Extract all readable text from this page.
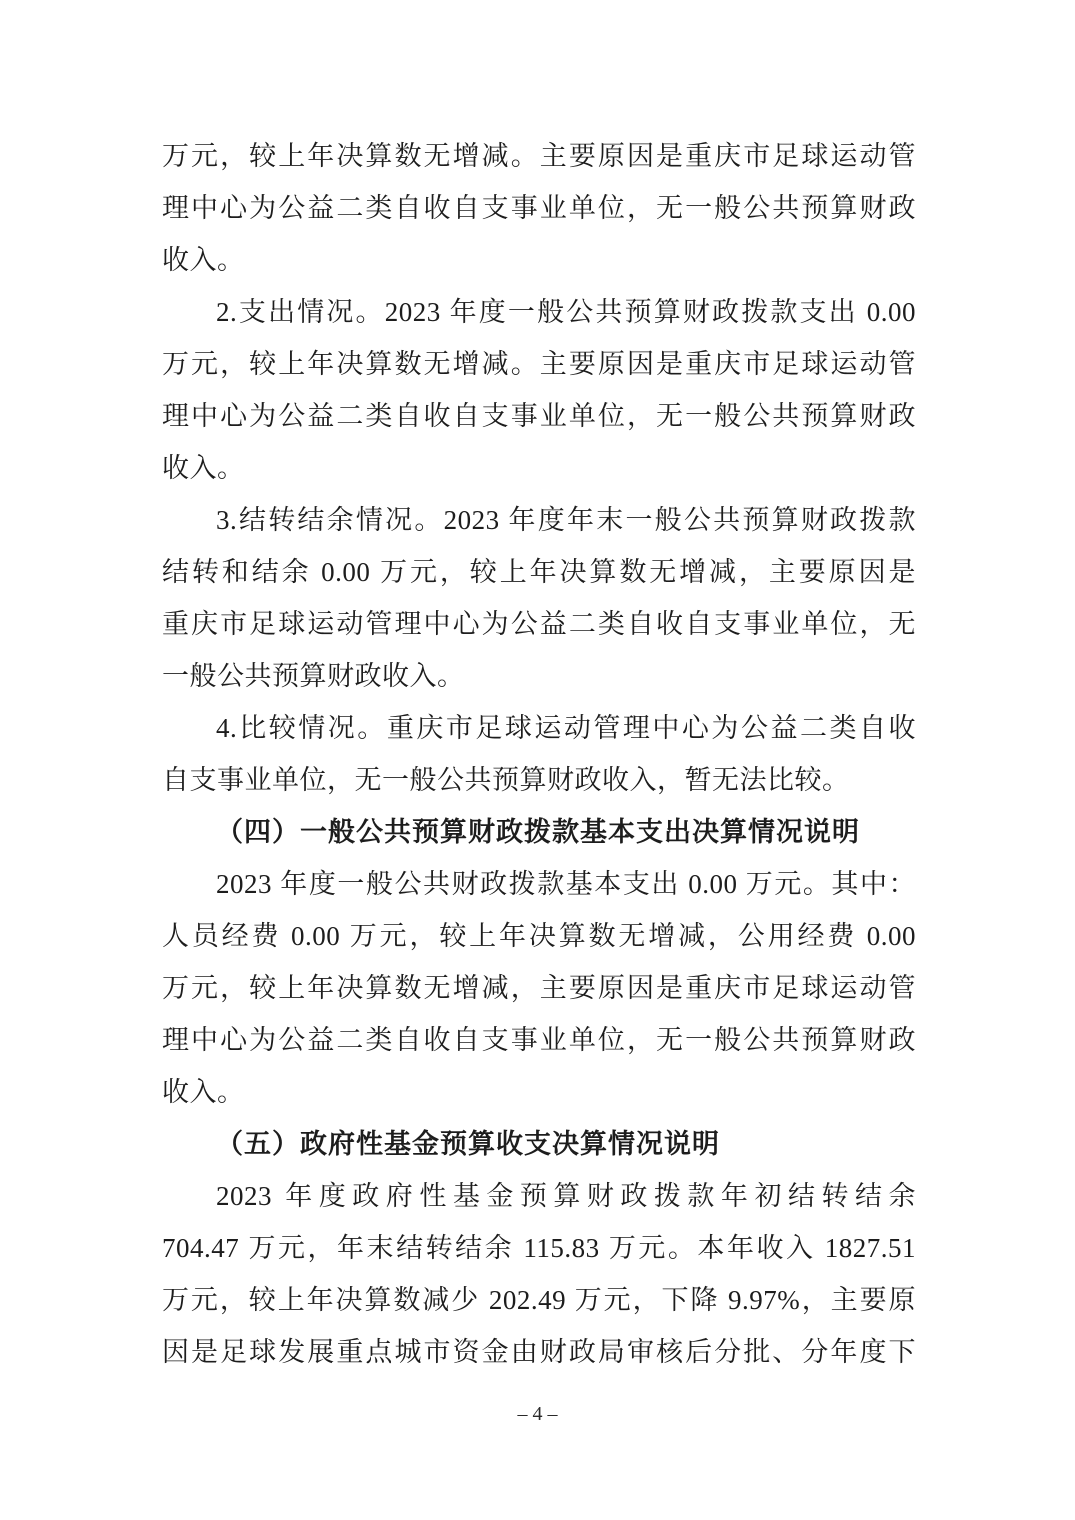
万元，较上年决算数无增减。主要原因是重庆市足球运动管
理中心为公益二类自收自支事业单位，无一般公共预算财政
收入。
2.支出情况。2023 年度一般公共预算财政拨款支出 0.00
万元，较上年决算数无增减。主要原因是重庆市足球运动管
理中心为公益二类自收自支事业单位，无一般公共预算财政
收入。
3.结转结余情况。2023 年度年末一般公共预算财政拨款
结转和结余 0.00 万元，较上年决算数无增减，主要原因是
重庆市足球运动管理中心为公益二类自收自支事业单位，无
一般公共预算财政收入。
4.比较情况。重庆市足球运动管理中心为公益二类自收
自支事业单位，无一般公共预算财政收入，暂无法比较。
（四）一般公共预算财政拨款基本支出决算情况说明
2023 年度一般公共财政拨款基本支出 0.00 万元。其中：
人员经费 0.00 万元，较上年决算数无增减，公用经费 0.00
万元，较上年决算数无增减，主要原因是重庆市足球运动管
理中心为公益二类自收自支事业单位，无一般公共预算财政
收入。
（五）政府性基金预算收支决算情况说明
2023 年度政府性基金预算财政拨款年初结转结余
704.47 万元，年末结转结余 115.83 万元。本年收入 1827.51
万元，较上年决算数减少 202.49 万元，下降 9.97%，主要原
因是足球发展重点城市资金由财政局审核后分批、分年度下
– 4 –
